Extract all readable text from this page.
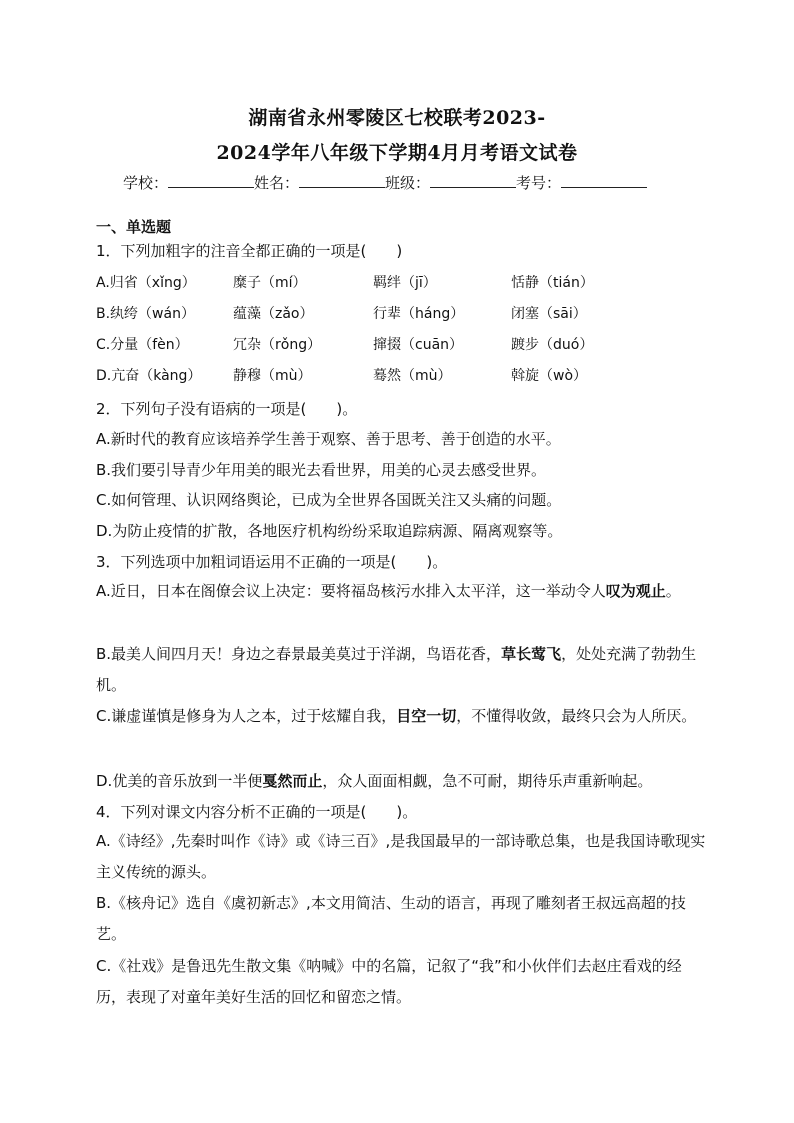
湖南省永州零陵区七校联考2023-
2024学年八年级下学期4月月考语文试卷
学校：	姓名：	班级：	考号：
一、单选题
1．下列加粗字的注音全都正确的一项是(　　)
A.归省（xǐng）	糜子（mí）	羁绊（jī）	恬静（tián）
B.纨绔（wán）	蕴藻（zǎo）	行辈（háng）	闭塞（sāi）
C.分量（fèn）	冗杂（rǒng）	撺掇（cuān）	踱步（duó）
D.亢奋（kàng） 静穆（mù）	蓦然（mù）	斡旋（wò）
2．下列句子没有语病的一项是(　　)。
A.新时代的教育应该培养学生善于观察、善于思考、善于创造的水平。
B.我们要引导青少年用美的眼光去看世界，用美的心灵去感受世界。
C.如何管理、认识网络舆论，已成为全世界各国既关注又头痛的问题。
D.为防止疫情的扩散，各地医疗机构纷纷采取追踪病源、隔离观察等。
3．下列选项中加粗词语运用不正确的一项是(　　)。
A.近日，日本在阁僚会议上决定：要将福岛核污水排入太平洋，这一举动令人叹为观止。
B.最美人间四月天！身边之春景最美莫过于洋湖，鸟语花香，草长莺飞，处处充满了勃勃生机。
C.谦虚谨慎是修身为人之本，过于炫耀自我，目空一切，不懂得收敛，最终只会为人所厌。
D.优美的音乐放到一半便戛然而止，众人面面相觑，急不可耐，期待乐声重新响起。
4．下列对课文内容分析不正确的一项是(　　)。
A.《诗经》,先秦时叫作《诗》或《诗三百》,是我国最早的一部诗歌总集，也是我国诗歌现实主义传统的源头。
B.《核舟记》选自《虞初新志》,本文用简洁、生动的语言，再现了雕刻者王叔远高超的技艺。
C.《社戏》是鲁迅先生散文集《呐喊》中的名篇，记叙了“我”和小伙伴们去赵庄看戏的经历，表现了对童年美好生活的回忆和留恋之情。
